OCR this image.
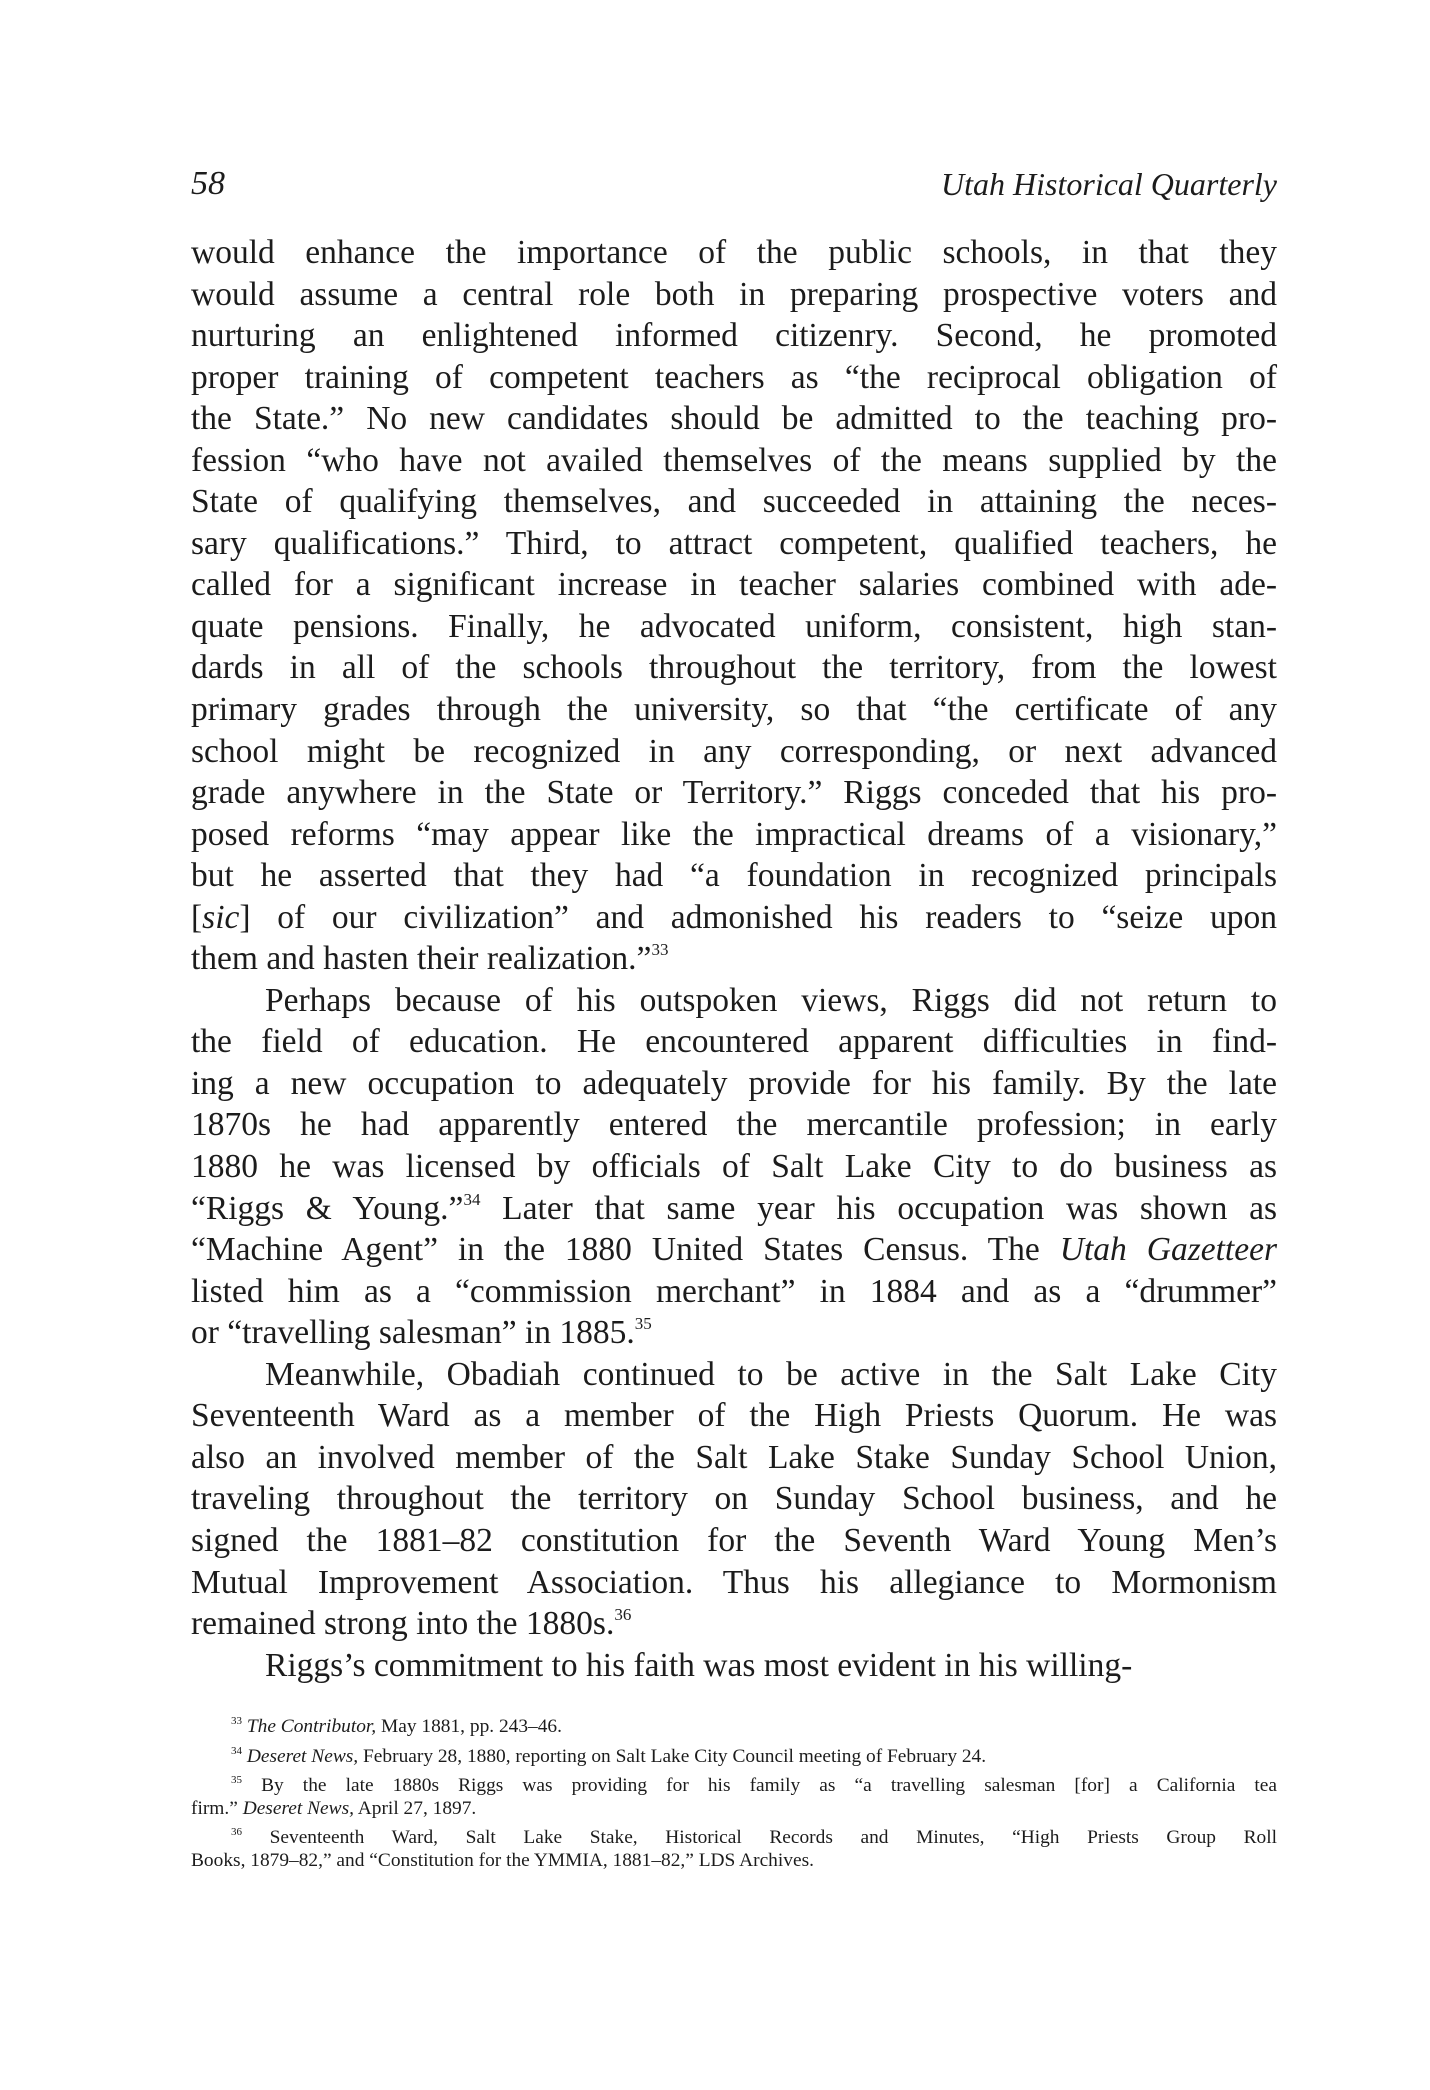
58	Utah Historical Quarterly
would enhance the importance of the public schools, in that they
would assume a central role both in preparing prospective voters and
nurturing an enlightened informed citizenry. Second, he promoted
proper training of competent teachers as “the reciprocal obligation of
the State.” No new candidates should be admitted to the teaching pro-
fession “who have not availed themselves of the means supplied by the
State of qualifying themselves, and succeeded in attaining the neces-
sary qualifications.” Third, to attract competent, qualified teachers, he
called for a significant increase in teacher salaries combined with ade-
quate pensions. Finally, he advocated uniform, consistent, high stan-
dards in all of the schools throughout the territory, from the lowest
primary grades through the university, so that “the certificate of any
school might be recognized in any corresponding, or next advanced
grade anywhere in the State or Territory.” Riggs conceded that his pro-
posed reforms “may appear like the impractical dreams of a visionary,”
but he asserted that they had “a foundation in recognized principals
[sic] of our civilization” and admonished his readers to “seize upon
them and hasten their realization.”$^{33}$
Perhaps because of his outspoken views, Riggs did not return to
the field of education. He encountered apparent difficulties in find-
ing a new occupation to adequately provide for his family. By the late
1870s he had apparently entered the mercantile profession; in early
1880 he was licensed by officials of Salt Lake City to do business as
“Riggs & Young.”$^{34}$ Later that same year his occupation was shown as
“Machine Agent” in the 1880 United States Census. The Utah Gazetteer
listed him as a “commission merchant” in 1884 and as a “drummer”
or “travelling salesman” in 1885.35
Meanwhile, Obadiah continued to be active in the Salt Lake City
Seventeenth Ward as a member of the High Priests Quorum. He was
also an involved member of the Salt Lake Stake Sunday School Union,
traveling throughout the territory on Sunday School business, and he
signed the 1881–82 constitution for the Seventh Ward Young Men’s
Mutual Improvement Association. Thus his allegiance to Mormonism
remained strong into the 1880s.$^{36}$
Riggs’s commitment to his faith was most evident in his willing-
$^{33}$ The Contributor, May 1881, pp. 243–46.
$^{34}$ Deseret News, February 28, 1880, reporting on Salt Lake City Council meeting of February 24.
$^{35}$ By the late 1880s Riggs was providing for his family as “a travelling salesman [for] a California tea
firm.” Deseret News, April 27, 1897.
$^{36}$ Seventeenth Ward, Salt Lake Stake, Historical Records and Minutes, “High Priests Group Roll
Books, 1879–82,” and “Constitution for the YMMIA, 1881–82,” LDS Archives.
